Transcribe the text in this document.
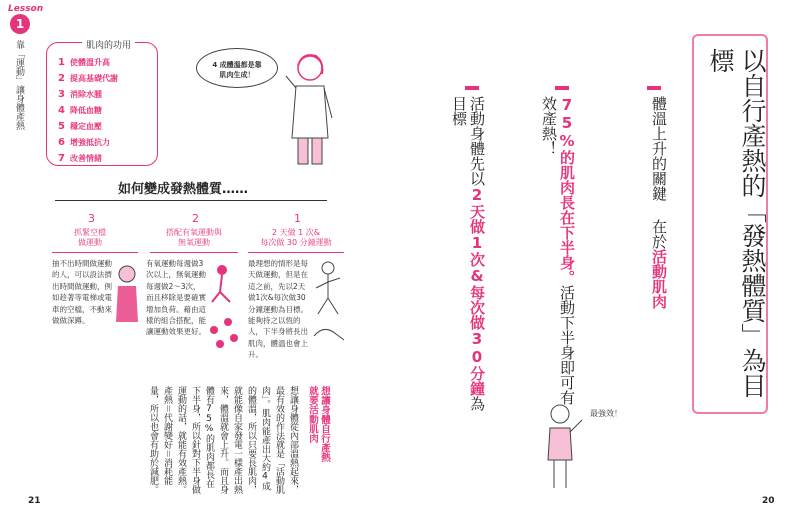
Lesson
1
靠「運動」讓身體產熱	肌肉的功用
1 使體溫升高
2 提高基礎代謝
3 消除水腫
4 降低血糖
5 穩定血壓
6 增強抵抗力
7 改善情緒
4 成體溫都是靠
肌肉生成！
如何變成發熱體質……
1
2 天做 1 次&
每次做 30 分鐘運動
最理想的情形是每天做運動，但是在這之前，先以2天做1次&每次做30分鐘運動為目標。能夠持之以恆的人，下半身將長出肌肉，體溫也會上升。
2
搭配有氧運動與
無氧運動
有氧運動每週做3次以上，無氧運動每週做2～3次，而且移除是要確實增加負荷。藉由這樣的組合搭配，能讓運動效果更好。
3
抓緊空檔
做運動
抽不出時間做運動的人，可以設法擠出時間做運動，例如趁著等電梯或電車的空檔，不動來做做深蹲。
想讓身體自行產熱 就要活動肌肉
想讓身體從內部溫熱起來，最有效的作法就是「活動肌肉」。肌肉能產出大約4成的體溫，所以只要長肌肉，就能像自家發電一樣產出熱來，體溫就會上升。而且身體有75%的肌肉都長在下半身，所以針對下半身做運動的話，就能有效產熱。產熱＝代謝變好＝消耗能量，所以也會有助於減肥。
以自行產熱的「發熱體質」為目標
體溫上升的關鍵 在於活動肌肉
75%的肌肉長在下半身。活動下半身即可有效產熱！
活動身體先以2天做1次&每次做30分鐘為目標
最強效！
21	20
